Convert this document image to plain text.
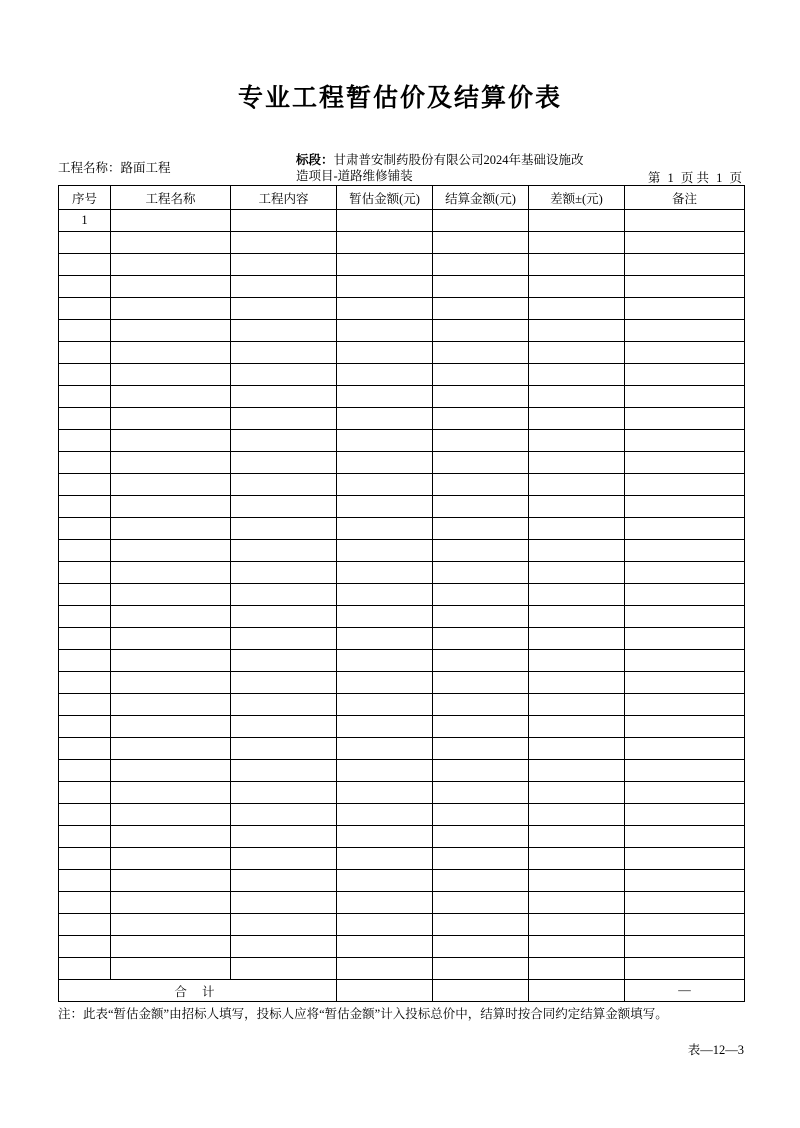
专业工程暂估价及结算价表
工程名称：路面工程
标段：甘肃普安制药股份有限公司2024年基础设施改造项目-道路维修铺装	第 1 页 共 1 页
序号	工程名称	工程内容	暂估金额(元)	结算金额(元)	差额±(元)	备注
1						

合 计						—
注：此表“暂估金额”由招标人填写，投标人应将“暂估金额”计入投标总价中，结算时按合同约定结算金额填写。
表—12—3
